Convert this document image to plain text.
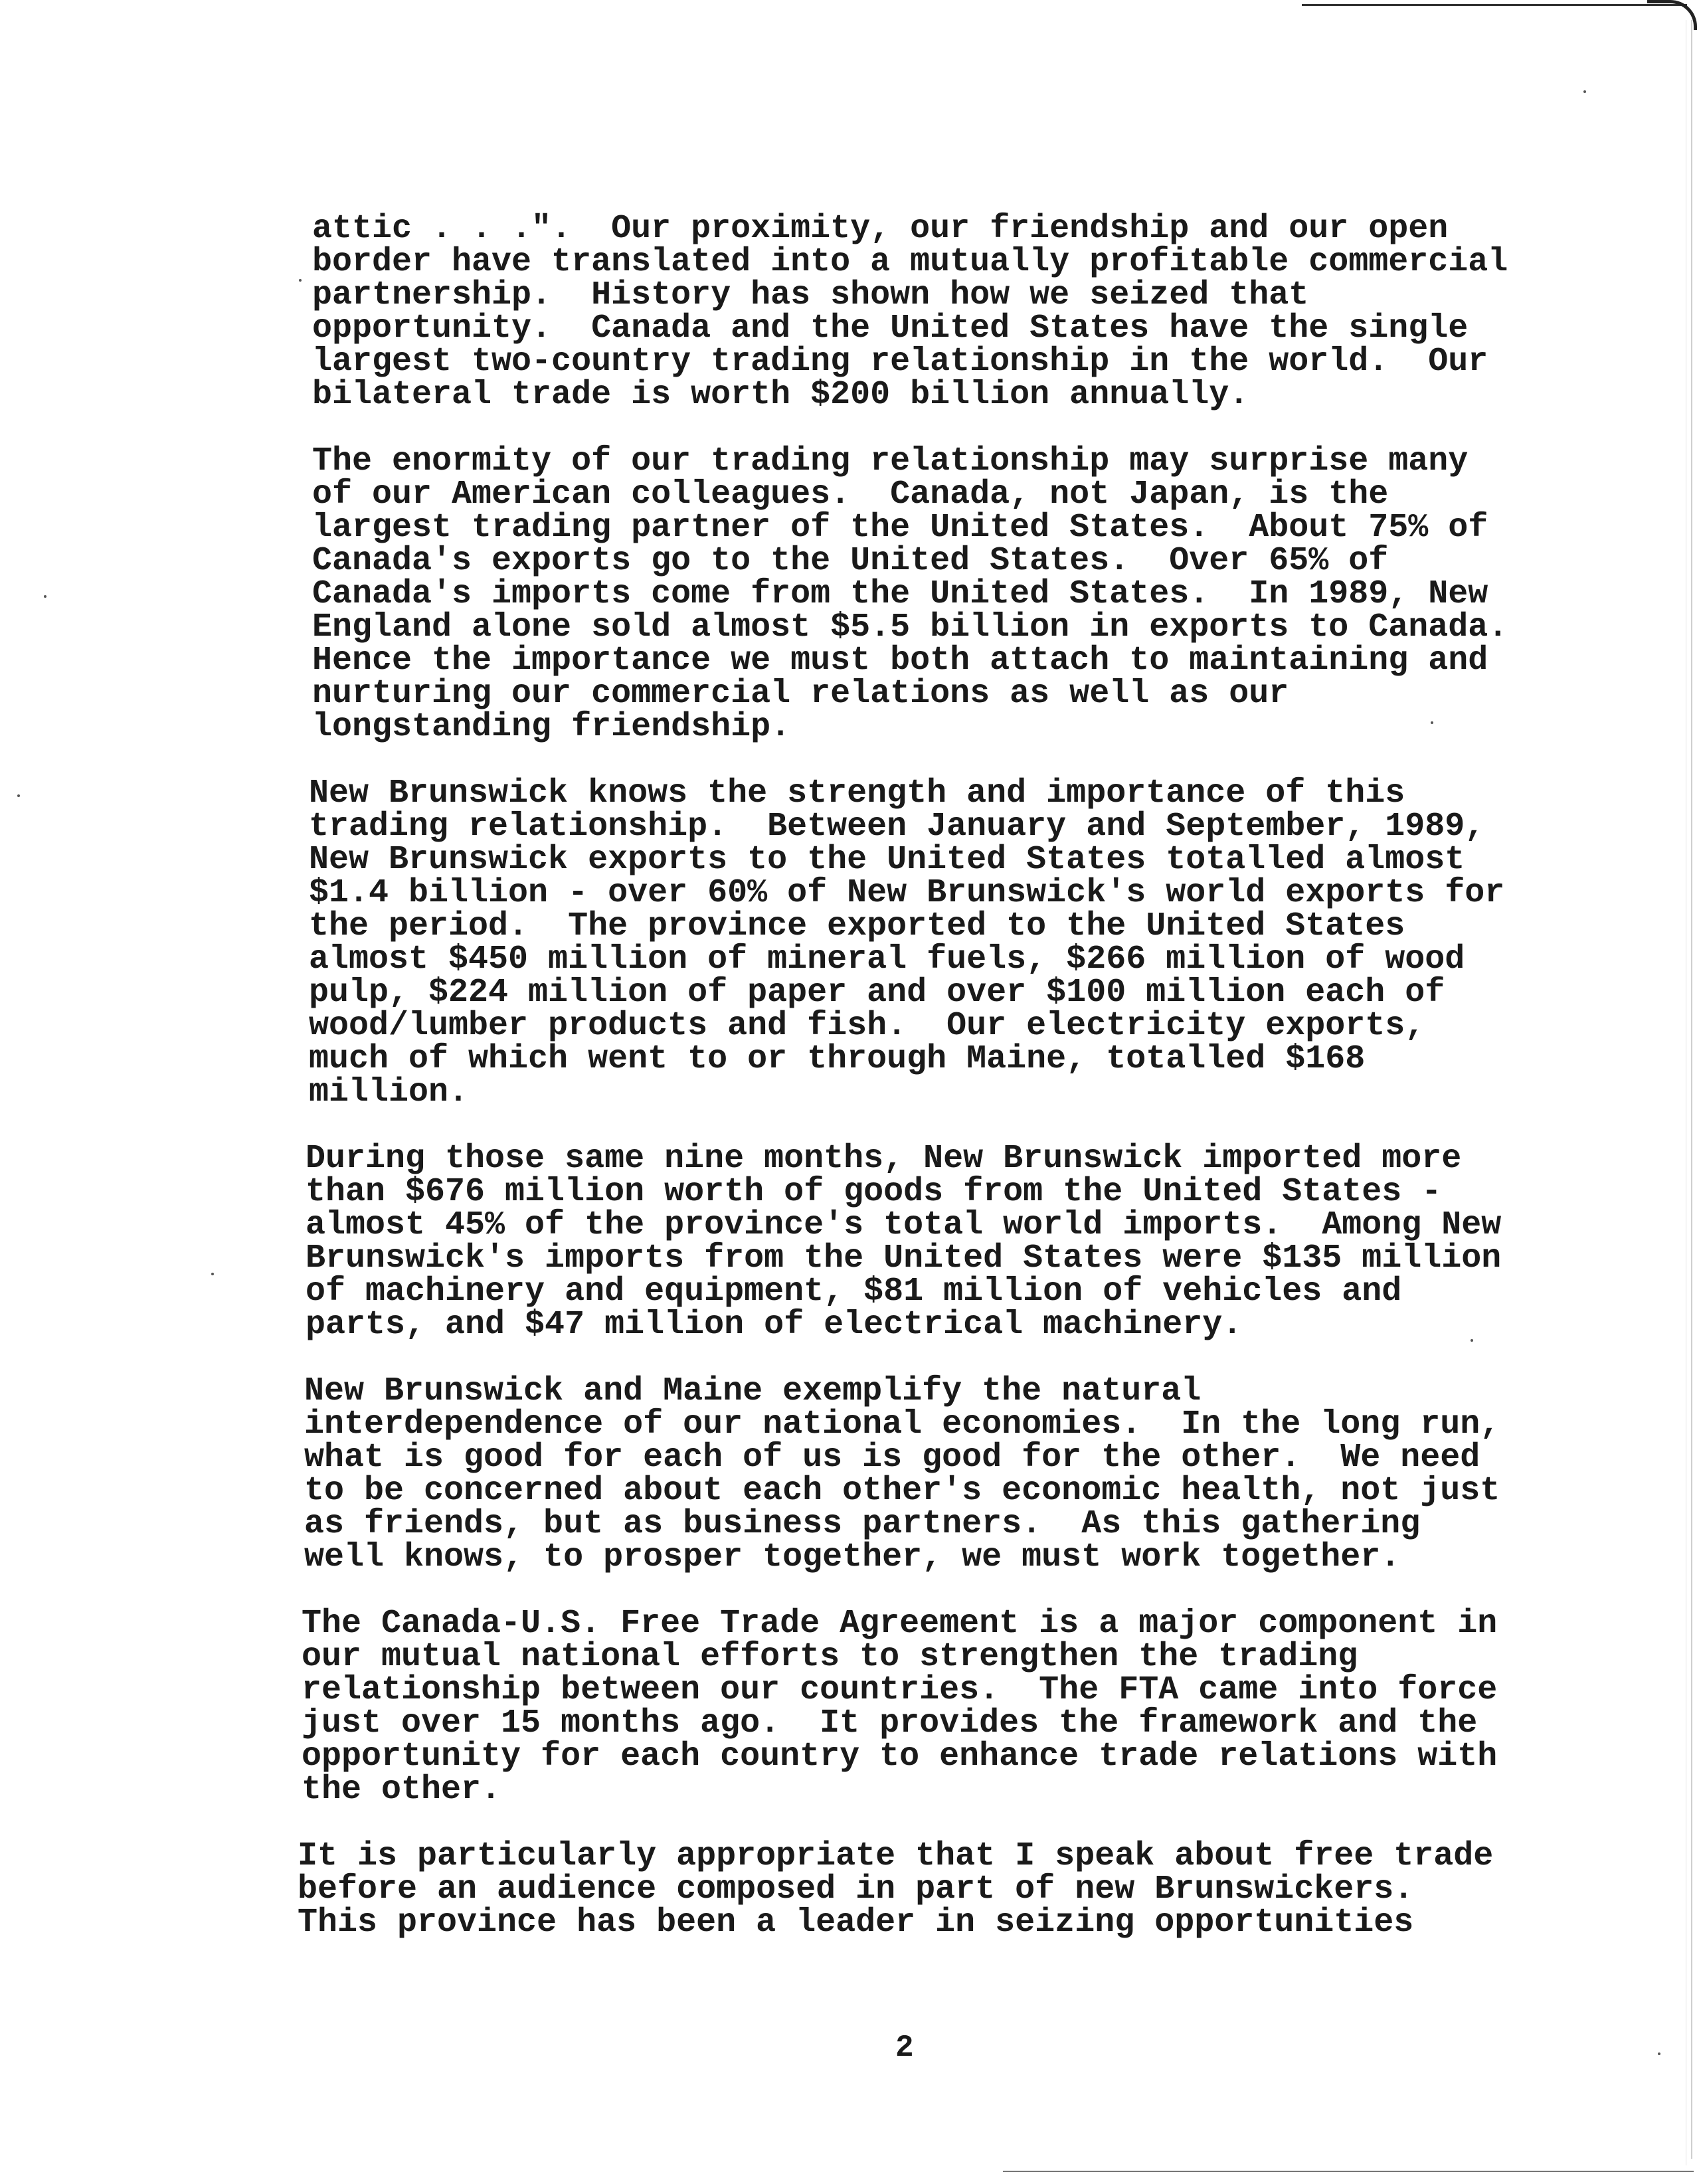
attic . . .".  Our proximity, our friendship and our open
border have translated into a mutually profitable commercial
partnership.  History has shown how we seized that
opportunity.  Canada and the United States have the single
largest two-country trading relationship in the world.  Our
bilateral trade is worth $200 billion annually.
The enormity of our trading relationship may surprise many
of our American colleagues.  Canada, not Japan, is the
largest trading partner of the United States.  About 75% of
Canada's exports go to the United States.  Over 65% of
Canada's imports come from the United States.  In 1989, New
England alone sold almost $5.5 billion in exports to Canada.
Hence the importance we must both attach to maintaining and
nurturing our commercial relations as well as our
longstanding friendship.
New Brunswick knows the strength and importance of this
trading relationship.  Between January and September, 1989,
New Brunswick exports to the United States totalled almost
$1.4 billion - over 60% of New Brunswick's world exports for
the period.  The province exported to the United States
almost $450 million of mineral fuels, $266 million of wood
pulp, $224 million of paper and over $100 million each of
wood/lumber products and fish.  Our electricity exports,
much of which went to or through Maine, totalled $168
million.
During those same nine months, New Brunswick imported more
than $676 million worth of goods from the United States -
almost 45% of the province's total world imports.  Among New
Brunswick's imports from the United States were $135 million
of machinery and equipment, $81 million of vehicles and
parts, and $47 million of electrical machinery.
New Brunswick and Maine exemplify the natural
interdependence of our national economies.  In the long run,
what is good for each of us is good for the other.  We need
to be concerned about each other's economic health, not just
as friends, but as business partners.  As this gathering
well knows, to prosper together, we must work together.
The Canada-U.S. Free Trade Agreement is a major component in
our mutual national efforts to strengthen the trading
relationship between our countries.  The FTA came into force
just over 15 months ago.  It provides the framework and the
opportunity for each country to enhance trade relations with
the other.
It is particularly appropriate that I speak about free trade
before an audience composed in part of new Brunswickers.
This province has been a leader in seizing opportunities
2
